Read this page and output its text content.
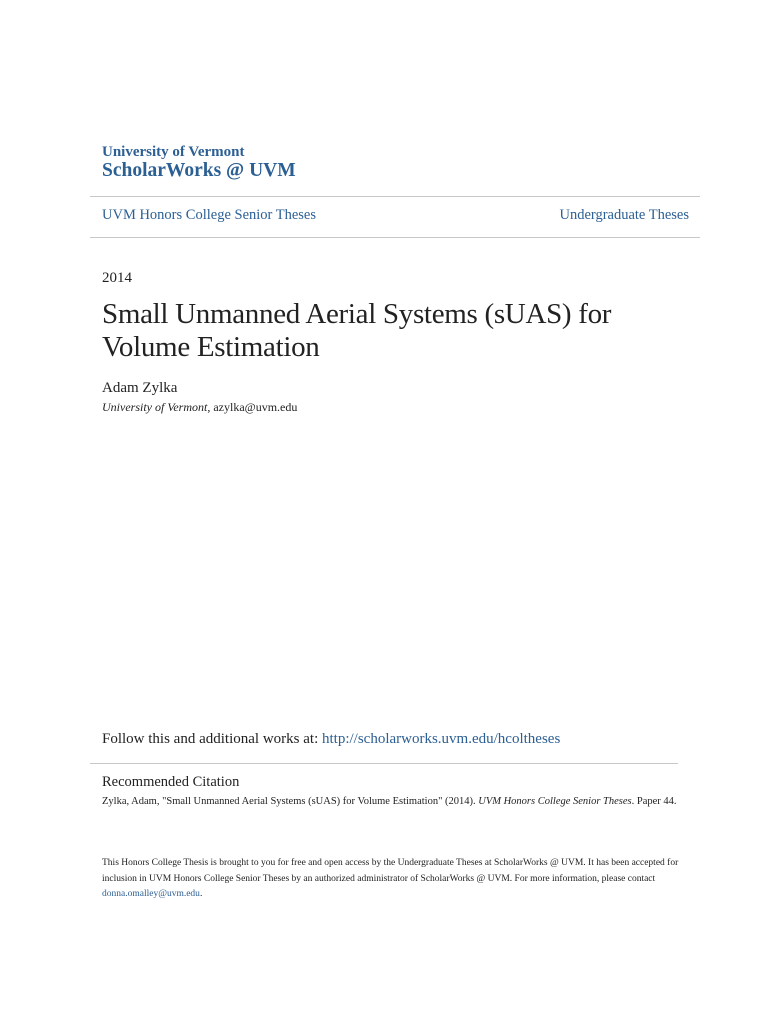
University of Vermont
ScholarWorks @ UVM
UVM Honors College Senior Theses	Undergraduate Theses
2014
Small Unmanned Aerial Systems (sUAS) for Volume Estimation
Adam Zylka
University of Vermont, azylka@uvm.edu
Follow this and additional works at: http://scholarworks.uvm.edu/hcoltheses
Recommended Citation
Zylka, Adam, "Small Unmanned Aerial Systems (sUAS) for Volume Estimation" (2014). UVM Honors College Senior Theses. Paper 44.
This Honors College Thesis is brought to you for free and open access by the Undergraduate Theses at ScholarWorks @ UVM. It has been accepted for inclusion in UVM Honors College Senior Theses by an authorized administrator of ScholarWorks @ UVM. For more information, please contact donna.omalley@uvm.edu.
